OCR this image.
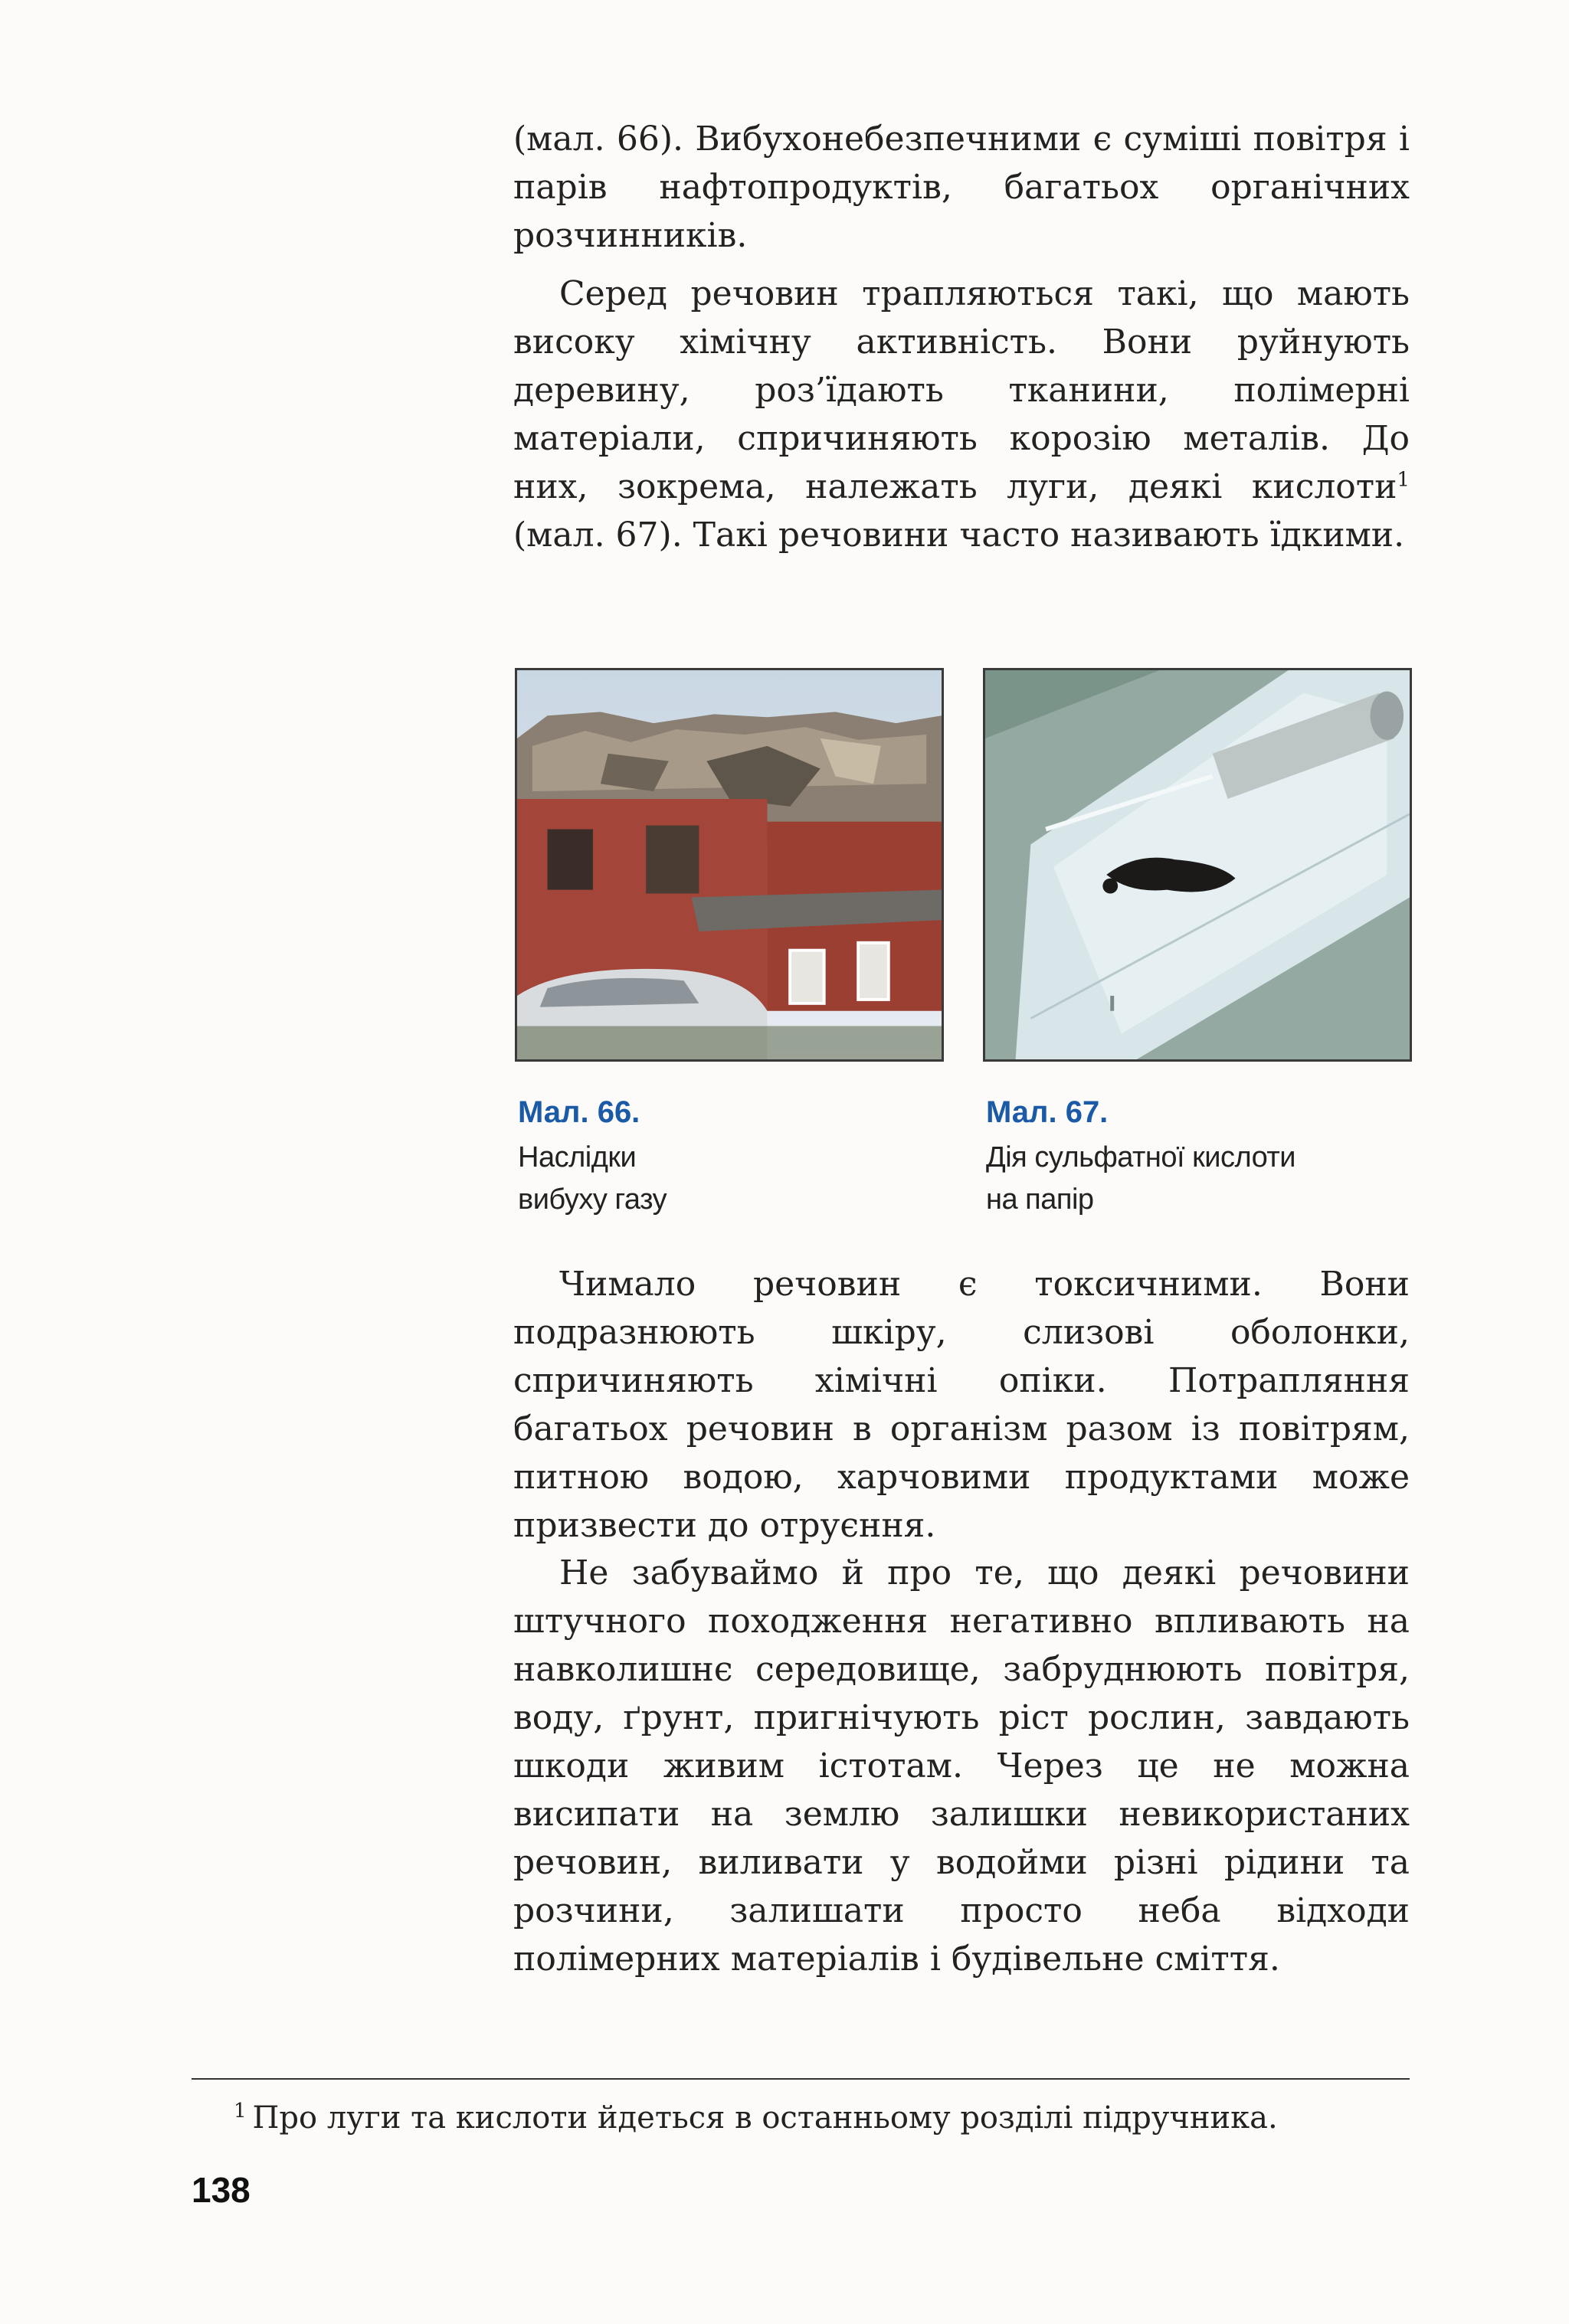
(мал. 66). Вибухонебезпечними є суміші повітря і парів нафтопродуктів, багатьох органічних розчинників.

Серед речовин трапляються такі, що мають високу хімічну активність. Вони руйнують деревину, роз’їдають тканини, полімерні матеріали, спричиняють корозію металів. До них, зокрема, належать луги, деякі кислоти$^1$ (мал. 67). Такі речовини часто називають їдкими.

Мал. 66.

Наслідки

вибуху газу

Мал. 67.

Дія сульфатної кислоти

на папір

Чимало речовин є токсичними. Вони подразнюють шкіру, слизові оболонки, спричиняють хімічні опіки. Потрапляння багатьох речовин в організм разом із повітрям, питною водою, харчовими продуктами може призвести до отруєння.

Не забуваймо й про те, що деякі речовини штучного походження негативно впливають на навколишнє середовище, забруднюють повітря, воду, ґрунт, пригнічують ріст рослин, завдають шкоди живим істотам. Через це не можна висипати на землю залишки невикористаних речовин, виливати у водойми різні рідини та розчини, залишати просто неба відходи полімерних матеріалів і будівельне сміття.

$^1$ Про луги та кислоти йдеться в останньому розділі підручника.

138
